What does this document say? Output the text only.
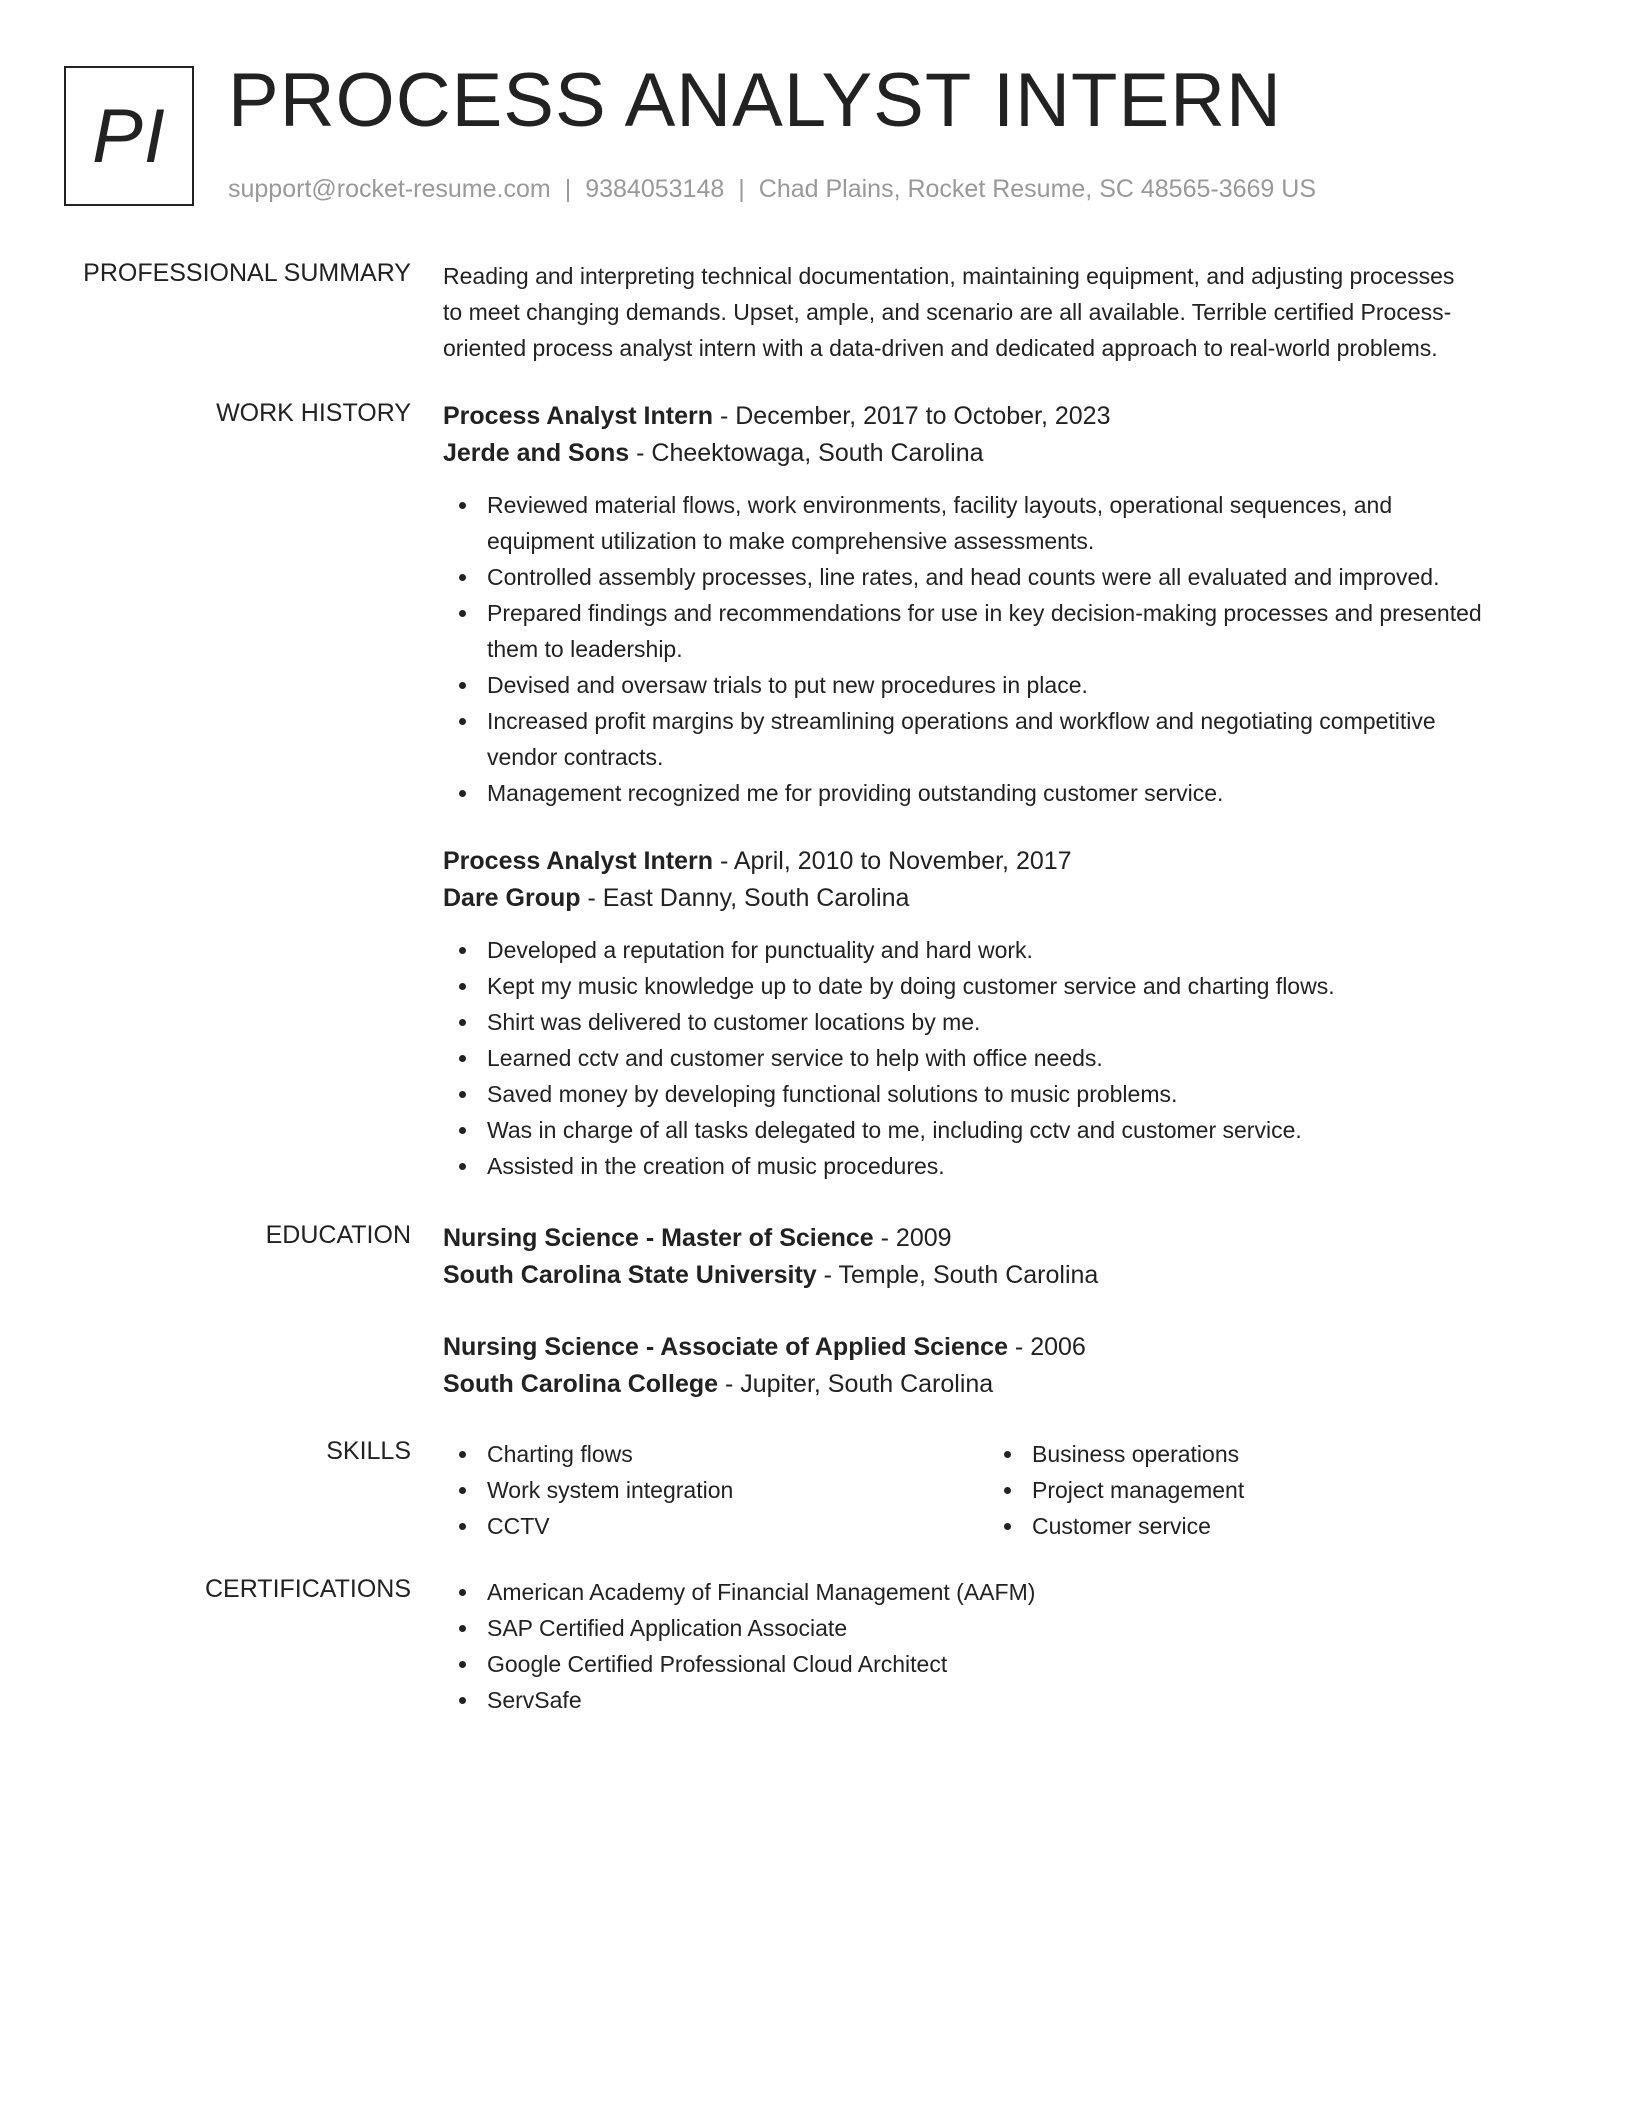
PI PROCESS ANALYST INTERN
support@rocket-resume.com | 9384053148 | Chad Plains, Rocket Resume, SC 48565-3669 US
PROFESSIONAL SUMMARY Reading and interpreting technical documentation, maintaining equipment, and adjusting processes
to meet changing demands. Upset, ample, and scenario are all available. Terrible certified Process-
oriented process analyst intern with a data-driven and dedicated approach to real-world problems.
WORK HISTORY Process Analyst Intern - December, 2017 to October, 2023
Jerde and Sons - Cheektowaga, South Carolina
Reviewed material flows, work environments, facility layouts, operational sequences, and
equipment utilization to make comprehensive assessments.
Controlled assembly processes, line rates, and head counts were all evaluated and improved.
Prepared findings and recommendations for use in key decision-making processes and presented
them to leadership.
Devised and oversaw trials to put new procedures in place.
Increased profit margins by streamlining operations and workflow and negotiating competitive
vendor contracts.
Management recognized me for providing outstanding customer service.
Process Analyst Intern - April, 2010 to November, 2017
Dare Group - East Danny, South Carolina
Developed a reputation for punctuality and hard work.
Kept my music knowledge up to date by doing customer service and charting flows.
Shirt was delivered to customer locations by me.
Learned cctv and customer service to help with office needs.
Saved money by developing functional solutions to music problems.
Was in charge of all tasks delegated to me, including cctv and customer service.
Assisted in the creation of music procedures.
EDUCATION Nursing Science - Master of Science - 2009
South Carolina State University - Temple, South Carolina
Nursing Science - Associate of Applied Science - 2006
South Carolina College - Jupiter, South Carolina
SKILLS	Charting flows
Work system integration
CCTV
Business operations
Project management
Customer service
CERTIFICATIONS	American Academy of Financial Management (AAFM)
SAP Certified Application Associate
Google Certified Professional Cloud Architect
ServSafe
